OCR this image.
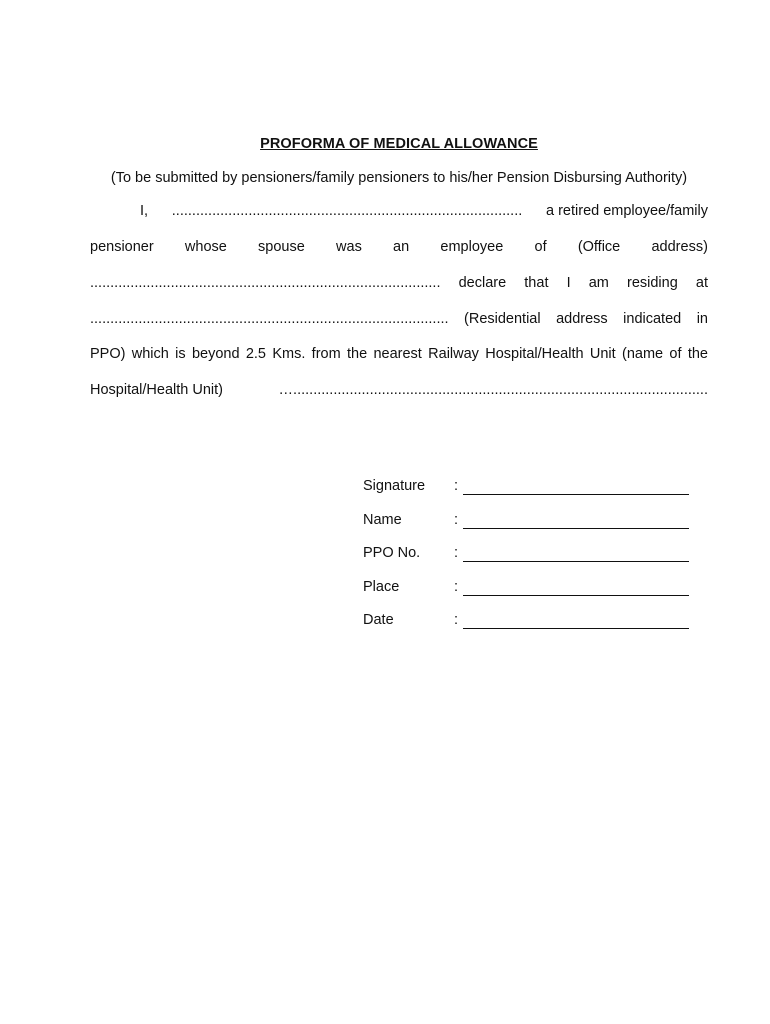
PROFORMA OF MEDICAL ALLOWANCE
(To be submitted by pensioners/family pensioners to his/her Pension Disbursing Authority)
I, ....................................................................................... a retired employee/family
pensioner whose spouse was an employee of (Office address)
....................................................................................... declare that I am residing at
......................................................................................... (Residential address indicated in
PPO) which is beyond 2.5 Kms. from the nearest Railway Hospital/Health Unit (name of the
Hospital/Health Unit)	….......................................................................................................
Signature :
Name	:
PPO No. :
Place	:
Date	:
